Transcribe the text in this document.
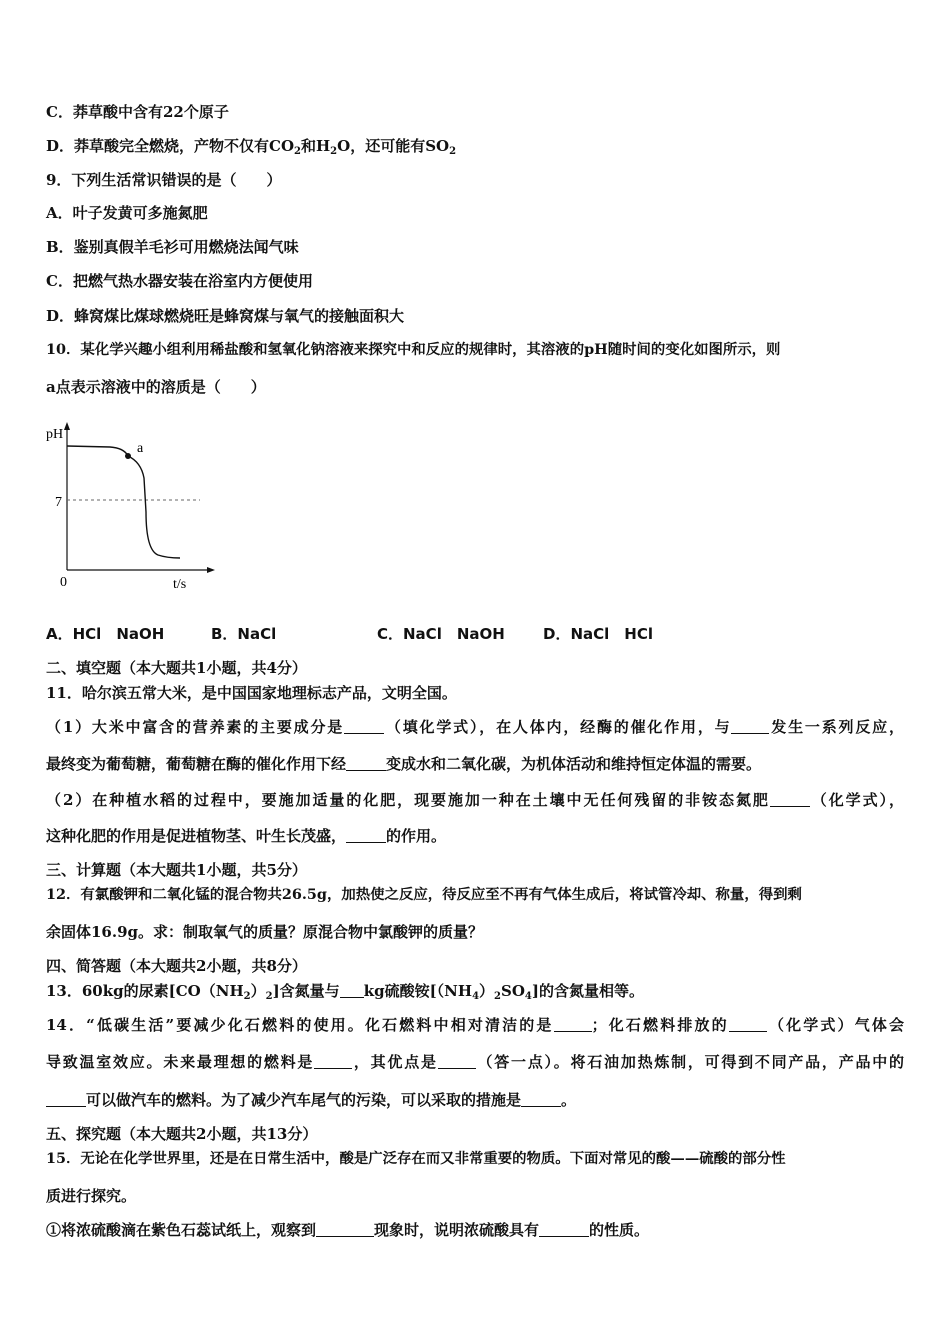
C．莽草酸中含有22个原子
D．莽草酸完全燃烧，产物不仅有$CO_2$和$H_2O$，还可能有$SO_2$
9．下列生活常识错误的是（　　）
A．叶子发黄可多施氮肥
B．鉴别真假羊毛衫可用燃烧法闻气味
C．把燃气热水器安装在浴室内方便使用
D．蜂窝煤比煤球燃烧旺是蜂窝煤与氧气的接触面积大
10．某化学兴趣小组利用稀盐酸和氢氧化钠溶液来探究中和反应的规律时，其溶液的pH随时间的变化如图所示，则
a点表示溶液中的溶质是（　　）
pH
t/s
0
7
a
A．HCl　NaOH	B．NaCl	C．NaCl　NaOH	D．NaCl　HCl
二、填空题（本大题共1小题，共4分）
11．哈尔滨五常大米，是中国国家地理标志产品，文明全国。
（1）大米中富含的营养素的主要成分是	（填化学式），在人体内，经酶的催化作用，与	发生一系列反应，
最终变为葡萄糖，葡萄糖在酶的催化作用下经	变成水和二氧化碳，为机体活动和维持恒定体温的需要。
（2）在种植水稻的过程中，要施加适量的化肥，现要施加一种在土壤中无任何残留的非铵态氮肥	（化学式），
这种化肥的作用是促进植物茎、叶生长茂盛，	的作用。
三、计算题（本大题共1小题，共5分）
12．有氯酸钾和二氧化锰的混合物共26.5g，加热使之反应，待反应至不再有气体生成后，将试管冷却、称量，得到剩
余固体16.9g。求：制取氧气的质量？原混合物中氯酸钾的质量？
四、简答题（本大题共2小题，共8分）
13．60kg的尿素$[CO(NH_2)_2]$含氮量与 kg硫酸铵$[(NH_4)_2SO_4]$的含氮量相等。
14．“低碳生活”要减少化石燃料的使用。化石燃料中相对清洁的是	；化石燃料排放的	（化学式）气体会
导致温室效应。未来最理想的燃料是	，其优点是	（答一点）。将石油加热炼制，可得到不同产品，产品中的
可以做汽车的燃料。为了减少汽车尾气的污染，可以采取的措施是	。
五、探究题（本大题共2小题，共13分）
15．无论在化学世界里，还是在日常生活中，酸是广泛存在而又非常重要的物质。下面对常见的酸——硫酸的部分性
质进行探究。
①将浓硫酸滴在紫色石蕊试纸上，观察到	现象时，说明浓硫酸具有	的性质。
